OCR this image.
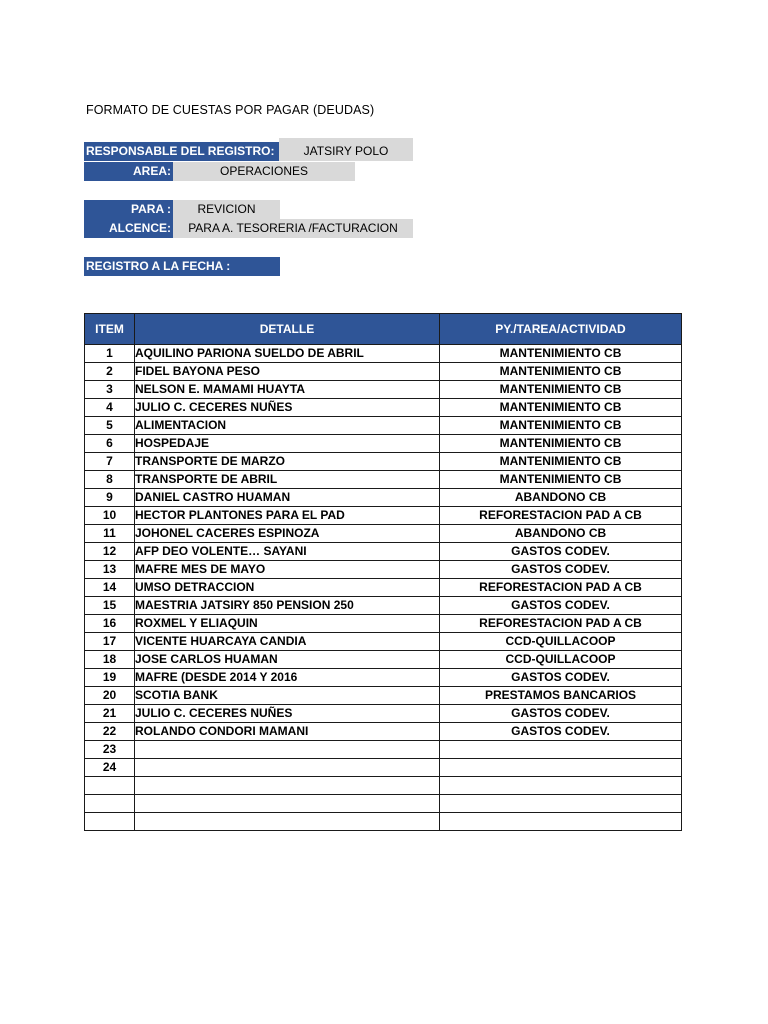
FORMATO DE CUESTAS POR PAGAR (DEUDAS)
RESPONSABLE DEL REGISTRO:	JATSIRY POLO
AREA:	OPERACIONES
PARA :	REVICION
ALCENCE:	PARA A. TESORERIA /FACTURACION
REGISTRO A LA FECHA :
ITEM	DETALLE	PY./TAREA/ACTIVIDAD
1	AQUILINO PARIONA SUELDO DE ABRIL	MANTENIMIENTO CB
2	FIDEL BAYONA PESO	MANTENIMIENTO CB
3	NELSON E. MAMAMI HUAYTA	MANTENIMIENTO CB
4	JULIO C. CECERES NUÑES	MANTENIMIENTO CB
5	ALIMENTACION	MANTENIMIENTO CB
6	HOSPEDAJE	MANTENIMIENTO CB
7	TRANSPORTE DE MARZO	MANTENIMIENTO CB
8	TRANSPORTE DE ABRIL	MANTENIMIENTO CB
9	DANIEL CASTRO HUAMAN	ABANDONO CB
10	HECTOR PLANTONES PARA EL PAD	REFORESTACION PAD A CB
11	JOHONEL CACERES ESPINOZA	ABANDONO CB
12	AFP DEO VOLENTE… SAYANI	GASTOS CODEV.
13	MAFRE MES DE MAYO	GASTOS CODEV.
14	UMSO DETRACCION	REFORESTACION PAD A CB
15	MAESTRIA JATSIRY 850 PENSION 250	GASTOS CODEV.
16	ROXMEL Y ELIAQUIN	REFORESTACION PAD A CB
17	VICENTE HUARCAYA CANDIA	CCD-QUILLACOOP
18	JOSE CARLOS HUAMAN	CCD-QUILLACOOP
19	MAFRE (DESDE 2014 Y 2016	GASTOS CODEV.
20	SCOTIA BANK	PRESTAMOS BANCARIOS
21	JULIO C. CECERES NUÑES	GASTOS CODEV.
22	ROLANDO CONDORI MAMANI	GASTOS CODEV.
23		
24		
